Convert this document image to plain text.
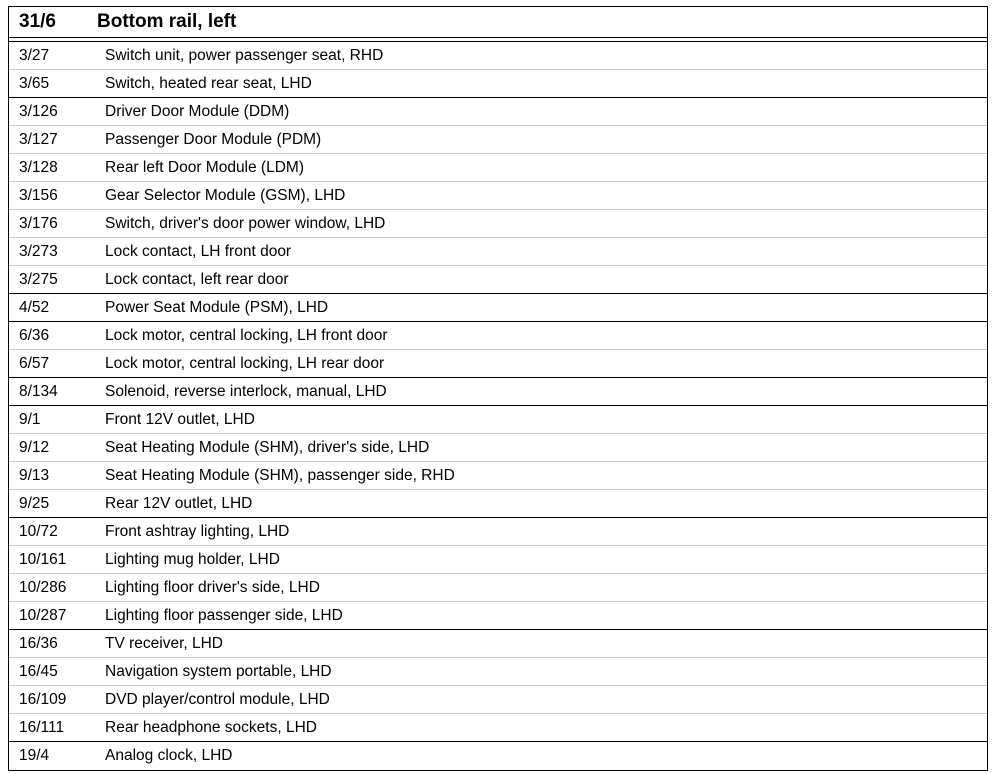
31/6	Bottom rail, left
3/27	Switch unit, power passenger seat, RHD
3/65	Switch, heated rear seat, LHD
3/126	Driver Door Module (DDM)
3/127	Passenger Door Module (PDM)
3/128	Rear left Door Module (LDM)
3/156	Gear Selector Module (GSM), LHD
3/176	Switch, driver's door power window, LHD
3/273	Lock contact, LH front door
3/275	Lock contact, left rear door
4/52	Power Seat Module (PSM), LHD
6/36	Lock motor, central locking, LH front door
6/57	Lock motor, central locking, LH rear door
8/134	Solenoid, reverse interlock, manual, LHD
9/1	Front 12V outlet, LHD
9/12	Seat Heating Module (SHM), driver's side, LHD
9/13	Seat Heating Module (SHM), passenger side, RHD
9/25	Rear 12V outlet, LHD
10/72	Front ashtray lighting, LHD
10/161	Lighting mug holder, LHD
10/286	Lighting floor driver's side, LHD
10/287	Lighting floor passenger side, LHD
16/36	TV receiver, LHD
16/45	Navigation system portable, LHD
16/109	DVD player/control module, LHD
16/111	Rear headphone sockets, LHD
19/4	Analog clock, LHD
